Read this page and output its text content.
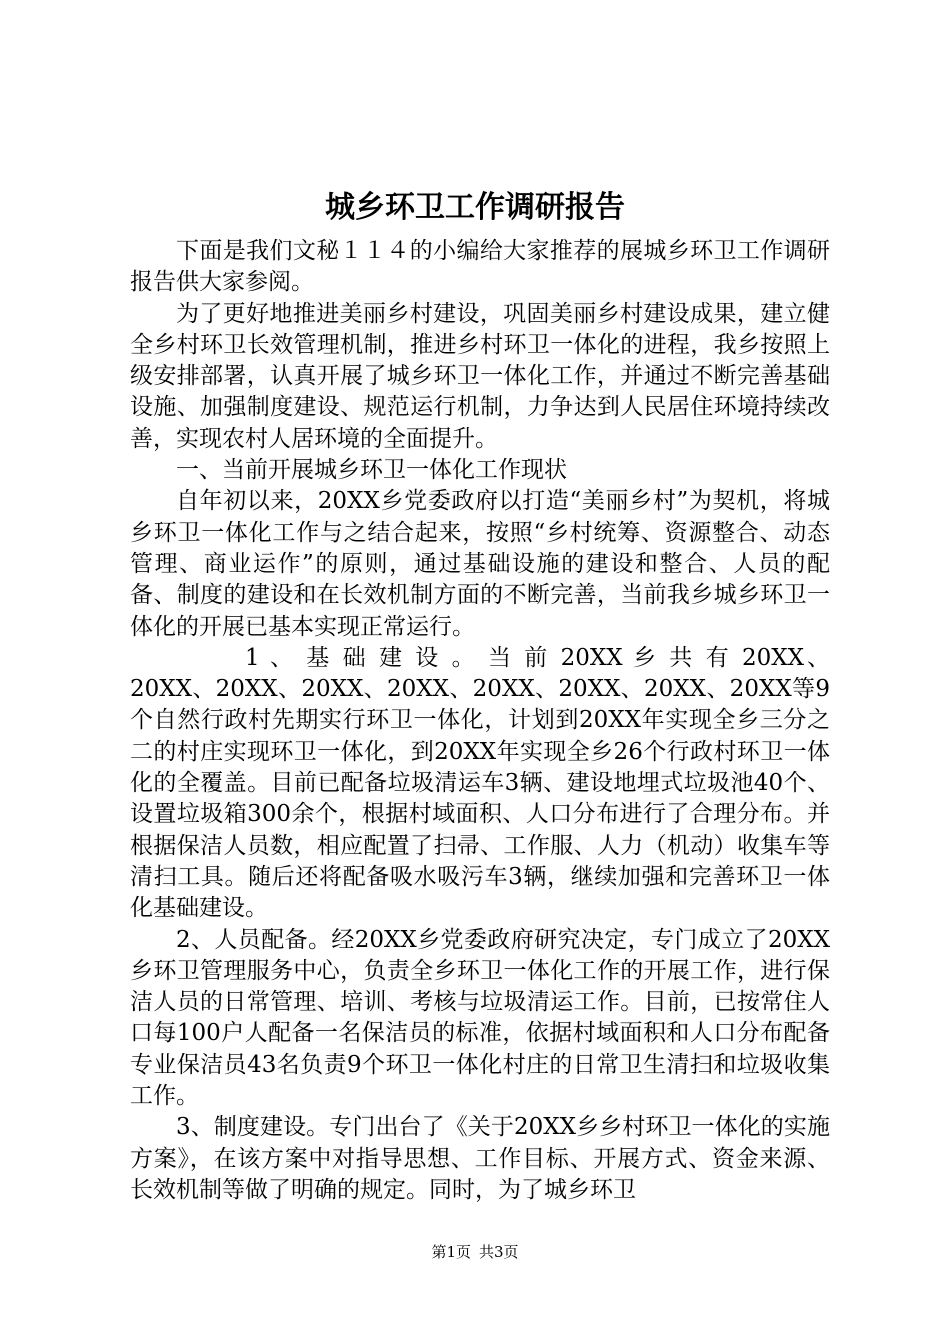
城乡环卫工作调研报告

下面是我们文秘１１４的小编给大家推荐的展城乡环卫工作调研报告供大家参阅。

为了更好地推进美丽乡村建设，巩固美丽乡村建设成果，建立健全乡村环卫长效管理机制，推进乡村环卫一体化的进程，我乡按照上级安排部署，认真开展了城乡环卫一体化工作，并通过不断完善基础设施、加强制度建设、规范运行机制，力争达到人民居住环境持续改善，实现农村人居环境的全面提升。

一、当前开展城乡环卫一体化工作现状

自年初以来，20XX乡党委政府以打造“美丽乡村”为契机，将城乡环卫一体化工作与之结合起来，按照“乡村统筹、资源整合、动态管理、商业运作”的原则，通过基础设施的建设和整合、人员的配备、制度的建设和在长效机制方面的不断完善，当前我乡城乡环卫一体化的开展已基本实现正常运行。

1 、 基 础 建 设 。 当 前 20XX 乡 共 有 20XX、20XX、20XX、20XX、20XX、20XX、20XX、20XX、20XX等9个自然行政村先期实行环卫一体化，计划到20XX年实现全乡三分之二的村庄实现环卫一体化，到20XX年实现全乡26个行政村环卫一体化的全覆盖。目前已配备垃圾清运车3辆、建设地埋式垃圾池40个、设置垃圾箱300余个，根据村域面积、人口分布进行了合理分布。并根据保洁人员数，相应配置了扫帚、工作服、人力（机动）收集车等清扫工具。随后还将配备吸水吸污车3辆，继续加强和完善环卫一体化基础建设。

2、人员配备。经20XX乡党委政府研究决定，专门成立了20XX乡环卫管理服务中心，负责全乡环卫一体化工作的开展工作，进行保洁人员的日常管理、培训、考核与垃圾清运工作。目前，已按常住人口每100户人配备一名保洁员的标准，依据村域面积和人口分布配备专业保洁员43名负责9个环卫一体化村庄的日常卫生清扫和垃圾收集工作。

3、制度建设。专门出台了《关于20XX乡乡村环卫一体化的实施方案》，在该方案中对指导思想、工作目标、开展方式、资金来源、长效机制等做了明确的规定。同时，为了城乡环卫

第1页 共3页
